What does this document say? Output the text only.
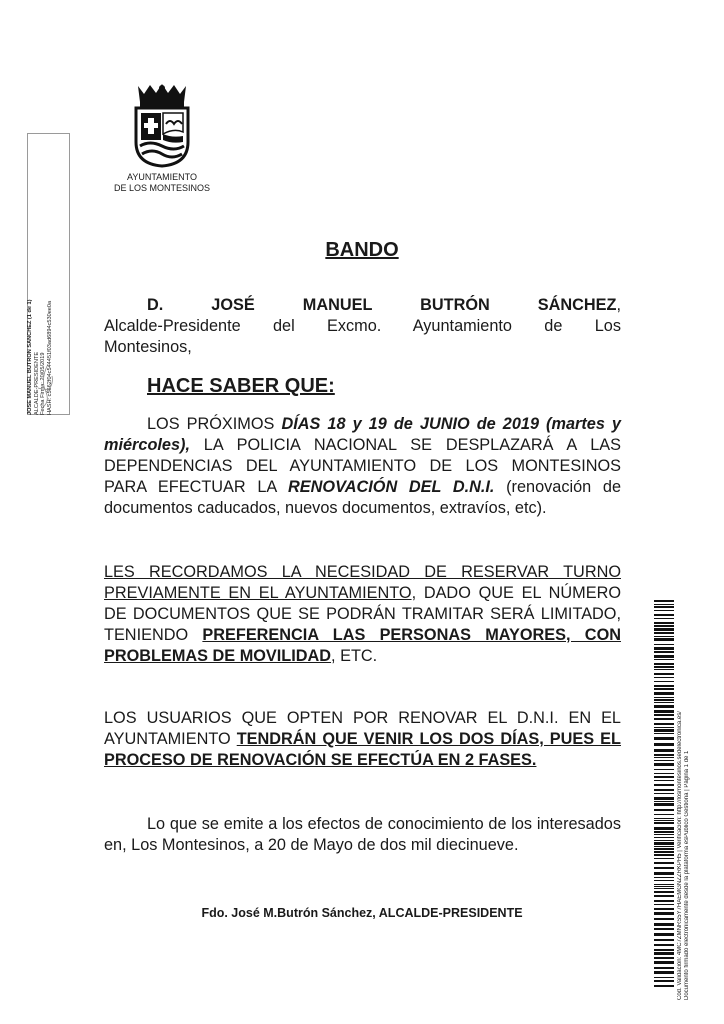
AYUNTAMIENTO
DE LOS MONTESINOS
JOSÉ MANUEL BUTRÓN SÁNCHEZ (1 de 1) ALCALDE-PRESIDENTE Fecha Firma: 20/05/2019 HASH: c5662f04c544451f03ad6894c530ee0a
BANDO
D. JOSÉ MANUEL BUTRÓN SÁNCHEZ,
Alcalde-Presidente del Excmo. Ayuntamiento de Los
Montesinos,
HACE SABER QUE:
LOS PRÓXIMOS DÍAS 18 y 19 de JUNIO de 2019 (martes y miércoles), LA POLICIA NACIONAL SE DESPLAZARÁ A LAS DEPENDENCIAS DEL AYUNTAMIENTO DE LOS MONTESINOS PARA EFECTUAR LA RENOVACIÓN DEL D.N.I. (renovación de documentos caducados, nuevos documentos, extravíos, etc).
LES RECORDAMOS LA NECESIDAD DE RESERVAR TURNO PREVIAMENTE EN EL AYUNTAMIENTO, DADO QUE EL NÚMERO DE DOCUMENTOS QUE SE PODRÁN TRAMITAR SERÁ LIMITADO, TENIENDO PREFERENCIA LAS PERSONAS MAYORES, CON PROBLEMAS DE MOVILIDAD, ETC.
LOS USUARIOS QUE OPTEN POR RENOVAR EL D.N.I. EN EL AYUNTAMIENTO TENDRÁN QUE VENIR LOS DOS DÍAS, PUES EL PROCESO DE RENOVACIÓN SE EFECTÚA EN 2 FASES.
Lo que se emite a los efectos de conocimiento de los interesados en, Los Montesinos, a 20 de Mayo de dos mil diecinueve.
Fdo. José M.Butrón Sánchez, ALCALDE-PRESIDENTE	Cód. Validación: 4MC7ZMNRS5Y7HAEMGNZZRKPH5 | Verificación: http://losmontesinos.sedelectronica.es/ Documento firmado electrónicamente desde la plataforma esPublico Gestiona | Página 1 de 1
